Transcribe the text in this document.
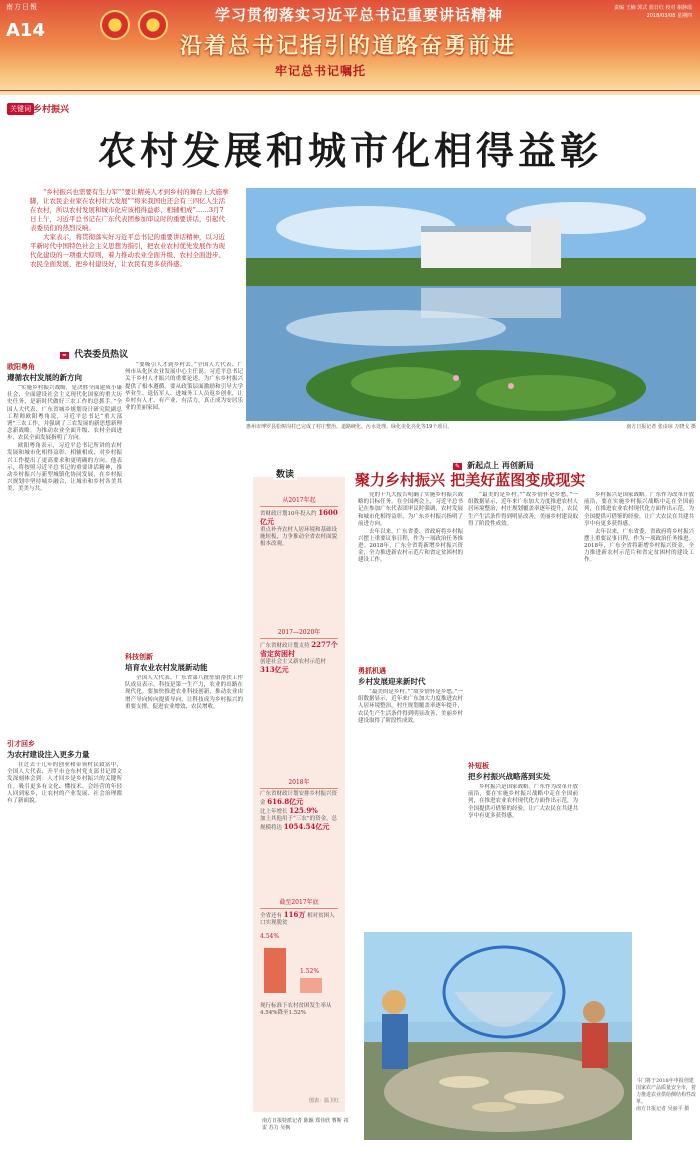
南方日報
A14
学习贯彻落实习近平总书记重要讲话精神
沿着总书记指引的道路奋勇前进
责编 王楠 郭式 蓝日红 校对 谢静瑶
2018/03/08 星期四
牢记总书记嘱托
关键词 乡村振兴
农村发展和城市化相得益彰

“乡村振兴也需要有生力军”“要让精英人才到乡村的舞台上大施拳脚，让农民企业家在农村壮大发展”“将来我国也还会有三四亿人生活在农村，所以农村发展和城市化应该相得益彰、相辅相成”……3月7日上午，习近平总书记在广东代表团参加审议时的重要讲话，引起代表委员们的热烈反响。

大家表示，将贯彻落实好习近平总书记的重要讲话精神，以习近平新时代中国特色社会主义思想为指引，把农业农村优先发展作为现代化建设的一项重大原则，着力推动农业全面升级、农村全面进步、农民全面发展，把乡村建设好，让农民有更多获得感。

惠州市博罗县松树岗村已完成了村庄整治、道路硬化、污水处理、绿化美化亮化等19个项目。	南方日报记者 张由琼 万晓戈 摄
✒ 代表委员热议
欧阳粤角
遵循农村发展的新方向

“实施乡村振兴战略，是决胜全面建成小康社会、全面建设社会主义现代化国家的重大历史任务，是新时代做好三农工作的总抓手。”全国人大代表、广东省城乡规划设计研究院副总工程师欧阳粤角说，习近平总书记“重大部署”三农工作，并强调了三农发展的新思想新理念新战略，为推动农业全面升级、农村全面进步、农民全面发展指明了方向。

欧阳粤角表示，习近平总书记所讲的农村发展和城市化相得益彰、相辅相成，对乡村振兴工作提出了更高要求和更明确的方向。他表示，将按照习近平总书记的重要讲话精神，推动乡村振兴与新型城镇化协同发展，在乡村振兴规划中坚持城乡融合，让城市和乡村各美其美、美美与共。

引才回乡
为农村建设注入更多力量

在过去十几年的创业和带领村民致富中，全国人大代表、开平市仓东村党支部书记谭文发深刻体会到：人才回乡是乡村振兴的关键所在。吸引更多有文化、懂技术、会经营的年轻人回到家乡，让农村的产业发展、社会治理都有了新面貌。

“要吸引人才到乡村去。”全国人大代表、广州市从化区农业发展中心主任说。习近平总书记关于乡村人才振兴的重要论述，为广东乡村振兴提供了根本遵循。要从政策层面激励和引导大学毕业生、退伍军人、进城务工人员返乡创业，让乡村有人才、有产业、有活力，真正成为安居乐业的美丽家园。

科技创新
培育农业农村发展新动能

全国人大代表、广东省第八批驻镇帮扶工作队成员表示，科技是第一生产力，农业的出路在现代化。要加快推进农业科技创新，推动农业由增产导向转向提质导向，让科技成为乡村振兴的重要支撑，促进农业增效、农民增收。

数读
从2017年起
省财政计划10年投入约 1600亿元
重点补齐农村人居环境和基础设施短板，力争推动全省农村面貌根本改观。
2017—2020年
广东省财政计划支持 2277个省定贫困村
创建社会主义新农村示范村 313亿元
2018年
广东省财政计划安排乡村振兴资金 616.8亿元
比上年增长 125.9%
加上其他用于“三农”的资金，总规模将达 1054.54亿元
截至2017年底
全省还有 116万 相对贫困人口实现脱贫
4.54%
1.52%
现行标准下农村贫困发生率从4.54%降至1.52%
图表：温卫红
✎ 新起点上 再创新局
聚力乡村振兴 把美好蓝图变成现实

党的十九大报告明确了实施乡村振兴战略的目标任务。在全国两会上，习近平总书记在参加广东代表团审议时强调，农村发展和城市化相得益彰，为广东乡村振兴指明了前进方向。

去年以来，广东省委、省政府将乡村振兴摆上重要议事日程，作为一项政治任务推进。2018年，广东全省将新增乡村振兴资金，全力推进新农村示范片和省定贫困村的建设工作。

勇抓机遇
乡村发展迎来新时代

“最美的是乡村。”“故乡情怀是乡愁。”一组数据显示，近年来广东加大力度推进农村人居环境整治，村庄规划覆盖率逐年提升，农民生产生活条件得到明显改善，美丽乡村建设取得了阶段性成效。

“最美的是乡村。”“故乡情怀是乡愁。”一组数据显示，近年来广东加大力度推进农村人居环境整治，村庄规划覆盖率逐年提升，农民生产生活条件得到明显改善，美丽乡村建设取得了阶段性成效。

补短板
把乡村振兴战略落到实处

乡村振兴是国家战略。广东作为改革开放前沿，要在实施乡村振兴战略中走在全国前列，在推进农业农村现代化方面作出示范，为全国提供可借鉴的经验，让广大农民在共建共享中有更多获得感。

乡村振兴是国家战略。广东作为改革开放前沿，要在实施乡村振兴战略中走在全国前列，在推进农业农村现代化方面作出示范，为全国提供可借鉴的经验，让广大农民在共建共享中有更多获得感。

去年以来，广东省委、省政府将乡村振兴摆上重要议事日程，作为一项政治任务推进。2018年，广东全省将新增乡村振兴资金，全力推进新农村示范片和省定贫困村的建设工作。

斗门将于2018年申报创建国家农产品质量安全市，着力推进农业供给侧结构性改革。
南方日报记者 吴丽平 摄
南方日报特派记者 陈颖 郑佳欣 曹斯 祁雷 苏力 吴枫
